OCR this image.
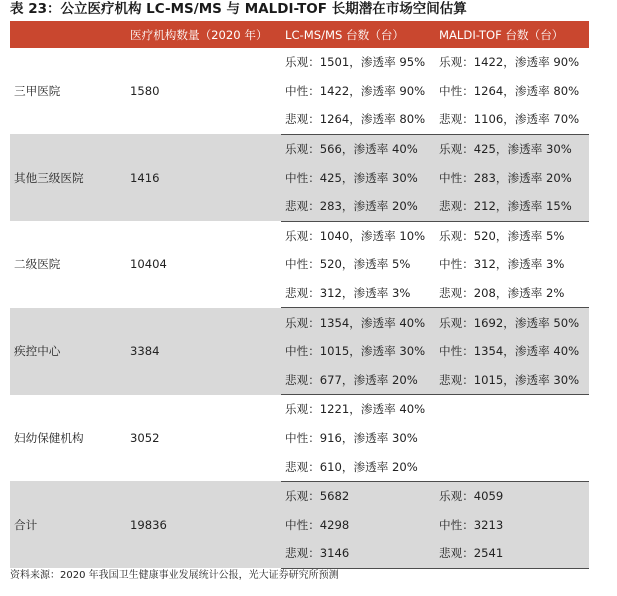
表 23：公立医疗机构 LC-MS/MS 与 MALDI-TOF 长期潜在市场空间估算
	医疗机构数量（2020 年）	LC-MS/MS 台数（台）	MALDI-TOF 台数（台）
三甲医院	1580	乐观：1501，渗透率 95%	乐观：1422，渗透率 90%
		中性：1422，渗透率 90%	中性：1264，渗透率 80%
		悲观：1264，渗透率 80%	悲观：1106，渗透率 70%
其他三级医院	1416	乐观：566，渗透率 40%	乐观：425，渗透率 30%
		中性：425，渗透率 30%	中性：283，渗透率 20%
		悲观：283，渗透率 20%	悲观：212，渗透率 15%
二级医院	10404	乐观：1040，渗透率 10%	乐观：520，渗透率 5%
		中性：520，渗透率 5%	中性：312，渗透率 3%
		悲观：312，渗透率 3%	悲观：208，渗透率 2%
疾控中心	3384	乐观：1354，渗透率 40%	乐观：1692，渗透率 50%
		中性：1015，渗透率 30%	中性：1354，渗透率 40%
		悲观：677，渗透率 20%	悲观：1015，渗透率 30%
妇幼保健机构	3052	乐观：1221，渗透率 40%	
		中性：916，渗透率 30%	
		悲观：610，渗透率 20%	
合计	19836	乐观：5682	乐观：4059
		中性：4298	中性：3213
		悲观：3146	悲观：2541
资料来源：2020 年我国卫生健康事业发展统计公报，光大证券研究所预测
